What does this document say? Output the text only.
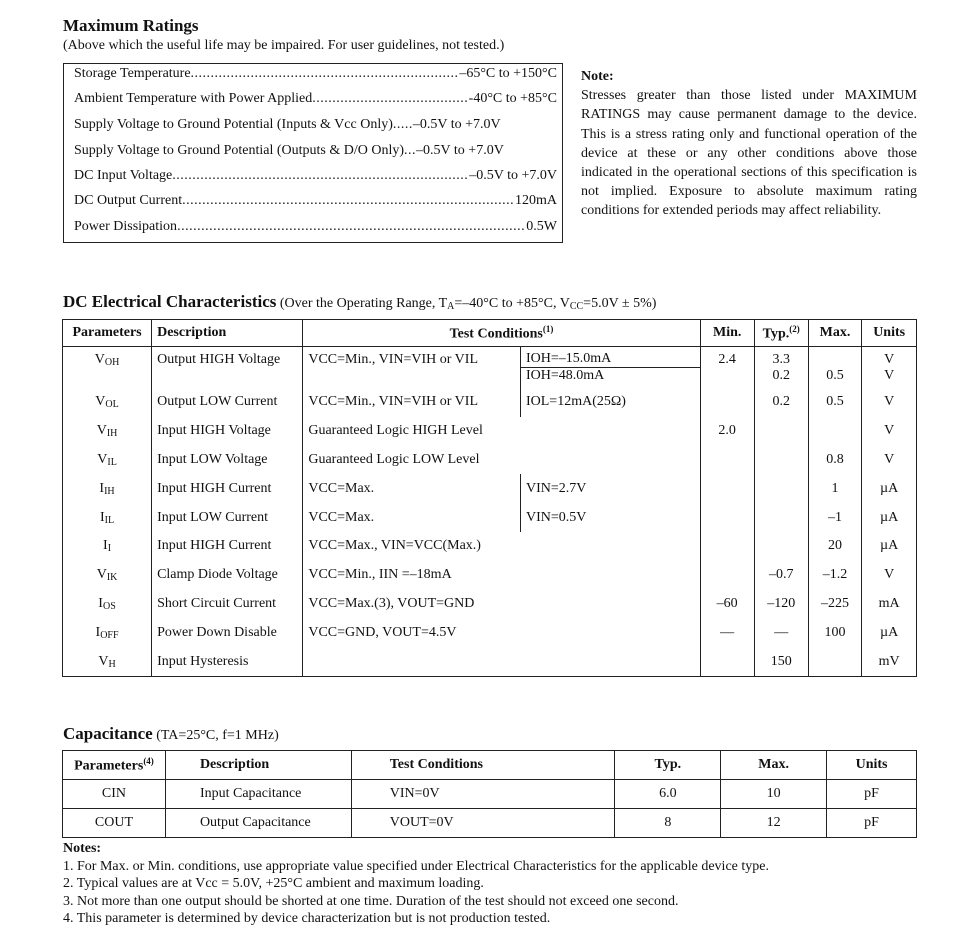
Maximum Ratings
(Above which the useful life may be impaired. For user guidelines, not tested.)
Storage Temperature .....	–65°C to +150°C
Ambient Temperature with Power Applied .....	-40°C to +85°C
Supply Voltage to Ground Potential (Inputs & Vcc Only) ..... –0.5V to +7.0V
Supply Voltage to Ground Potential (Outputs & D/O Only) ..... –0.5V to +7.0V
DC Input Voltage .....	–0.5V to +7.0V
DC Output Current .....	120mA
Power Dissipation .....	0.5W
Note:
Stresses greater than those listed under MAXIMUM RATINGS may cause permanent damage to the device. This is a stress rating only and functional operation of the device at these or any other conditions above those indicated in the operational sections of this specification is not implied. Exposure to absolute maximum rating conditions for extended periods may affect reliability.
DC Electrical Characteristics (Over the Operating Range, $T_A=-40^\circ C$ to +85°C, $V_{CC}=5.0V \pm 5\%$)
Parameters	Description	Test Conditions$^{(1)}$		Min.	Typ.$^{(2)}$	Max.	Units
$V_{OH}$	Output HIGH Voltage	VCC=Min., VIN=VIH or VIL	IOH=–15.0mA	2.4	3.3		V
			IOH=48.0mA		0.2	0.5	V
$V_{OL}$	Output LOW Current	VCC=Min., VIN=VIH or VIL	IOL=12mA(25Ω)		0.2	0.5	V
$V_{IH}$	Input HIGH Voltage	Guaranteed Logic HIGH Level		2.0			V
$V_{IL}$	Input LOW Voltage	Guaranteed Logic LOW Level				0.8	V
$I_{IH}$	Input HIGH Current	VCC=Max.	VIN=2.7V			1	µA
$I_{IL}$	Input LOW Current	VCC=Max.	VIN=0.5V			–1	µA
$I_I$	Input HIGH Current	VCC=Max., VIN=VCC(Max.)				20	µA
$V_{IK}$	Clamp Diode Voltage	VCC=Min., IIN =–18mA			–0.7	–1.2	V
$I_{OS}$	Short Circuit Current	VCC=Max.(3), VOUT=GND		–60	–120	–225	mA
$I_{OFF}$	Power Down Disable	VCC=GND, VOUT=4.5V		—	—	100	µA
$V_H$	Input Hysteresis				150		mV
Capacitance (TA=25°C, f=1 MHz)
Parameters$^{(4)}$	Description	Test Conditions	Typ.	Max.	Units
CIN	Input Capacitance	VIN=0V	6.0	10	pF
COUT	Output Capacitance	VOUT=0V	8	12	pF
Notes:
1. For Max. or Min. conditions, use appropriate value specified under Electrical Characteristics for the applicable device type.
2. Typical values are at Vcc = 5.0V, +25°C ambient and maximum loading.
3. Not more than one output should be shorted at one time. Duration of the test should not exceed one second.
4. This parameter is determined by device characterization but is not production tested.
